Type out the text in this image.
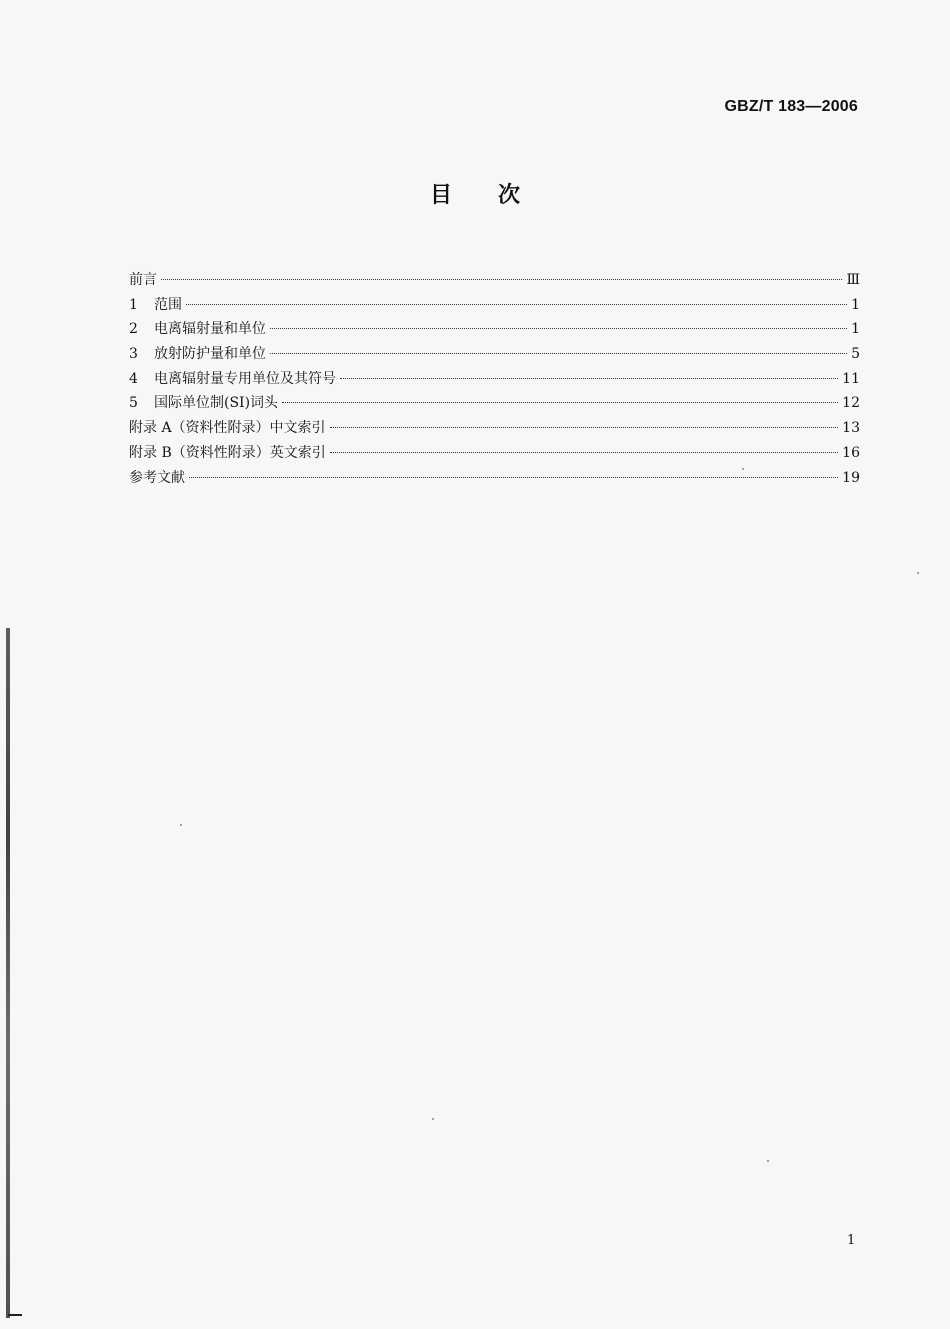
GBZ/T 183—2006
目次
前言	Ⅲ
1	范围	1
2	电离辐射量和单位	1
3	放射防护量和单位	5
4	电离辐射量专用单位及其符号	11
5	国际单位制(SI)词头	12
附录 A（资料性附录）中文索引	13
附录 B（资料性附录）英文索引	16
参考文献	19
1
